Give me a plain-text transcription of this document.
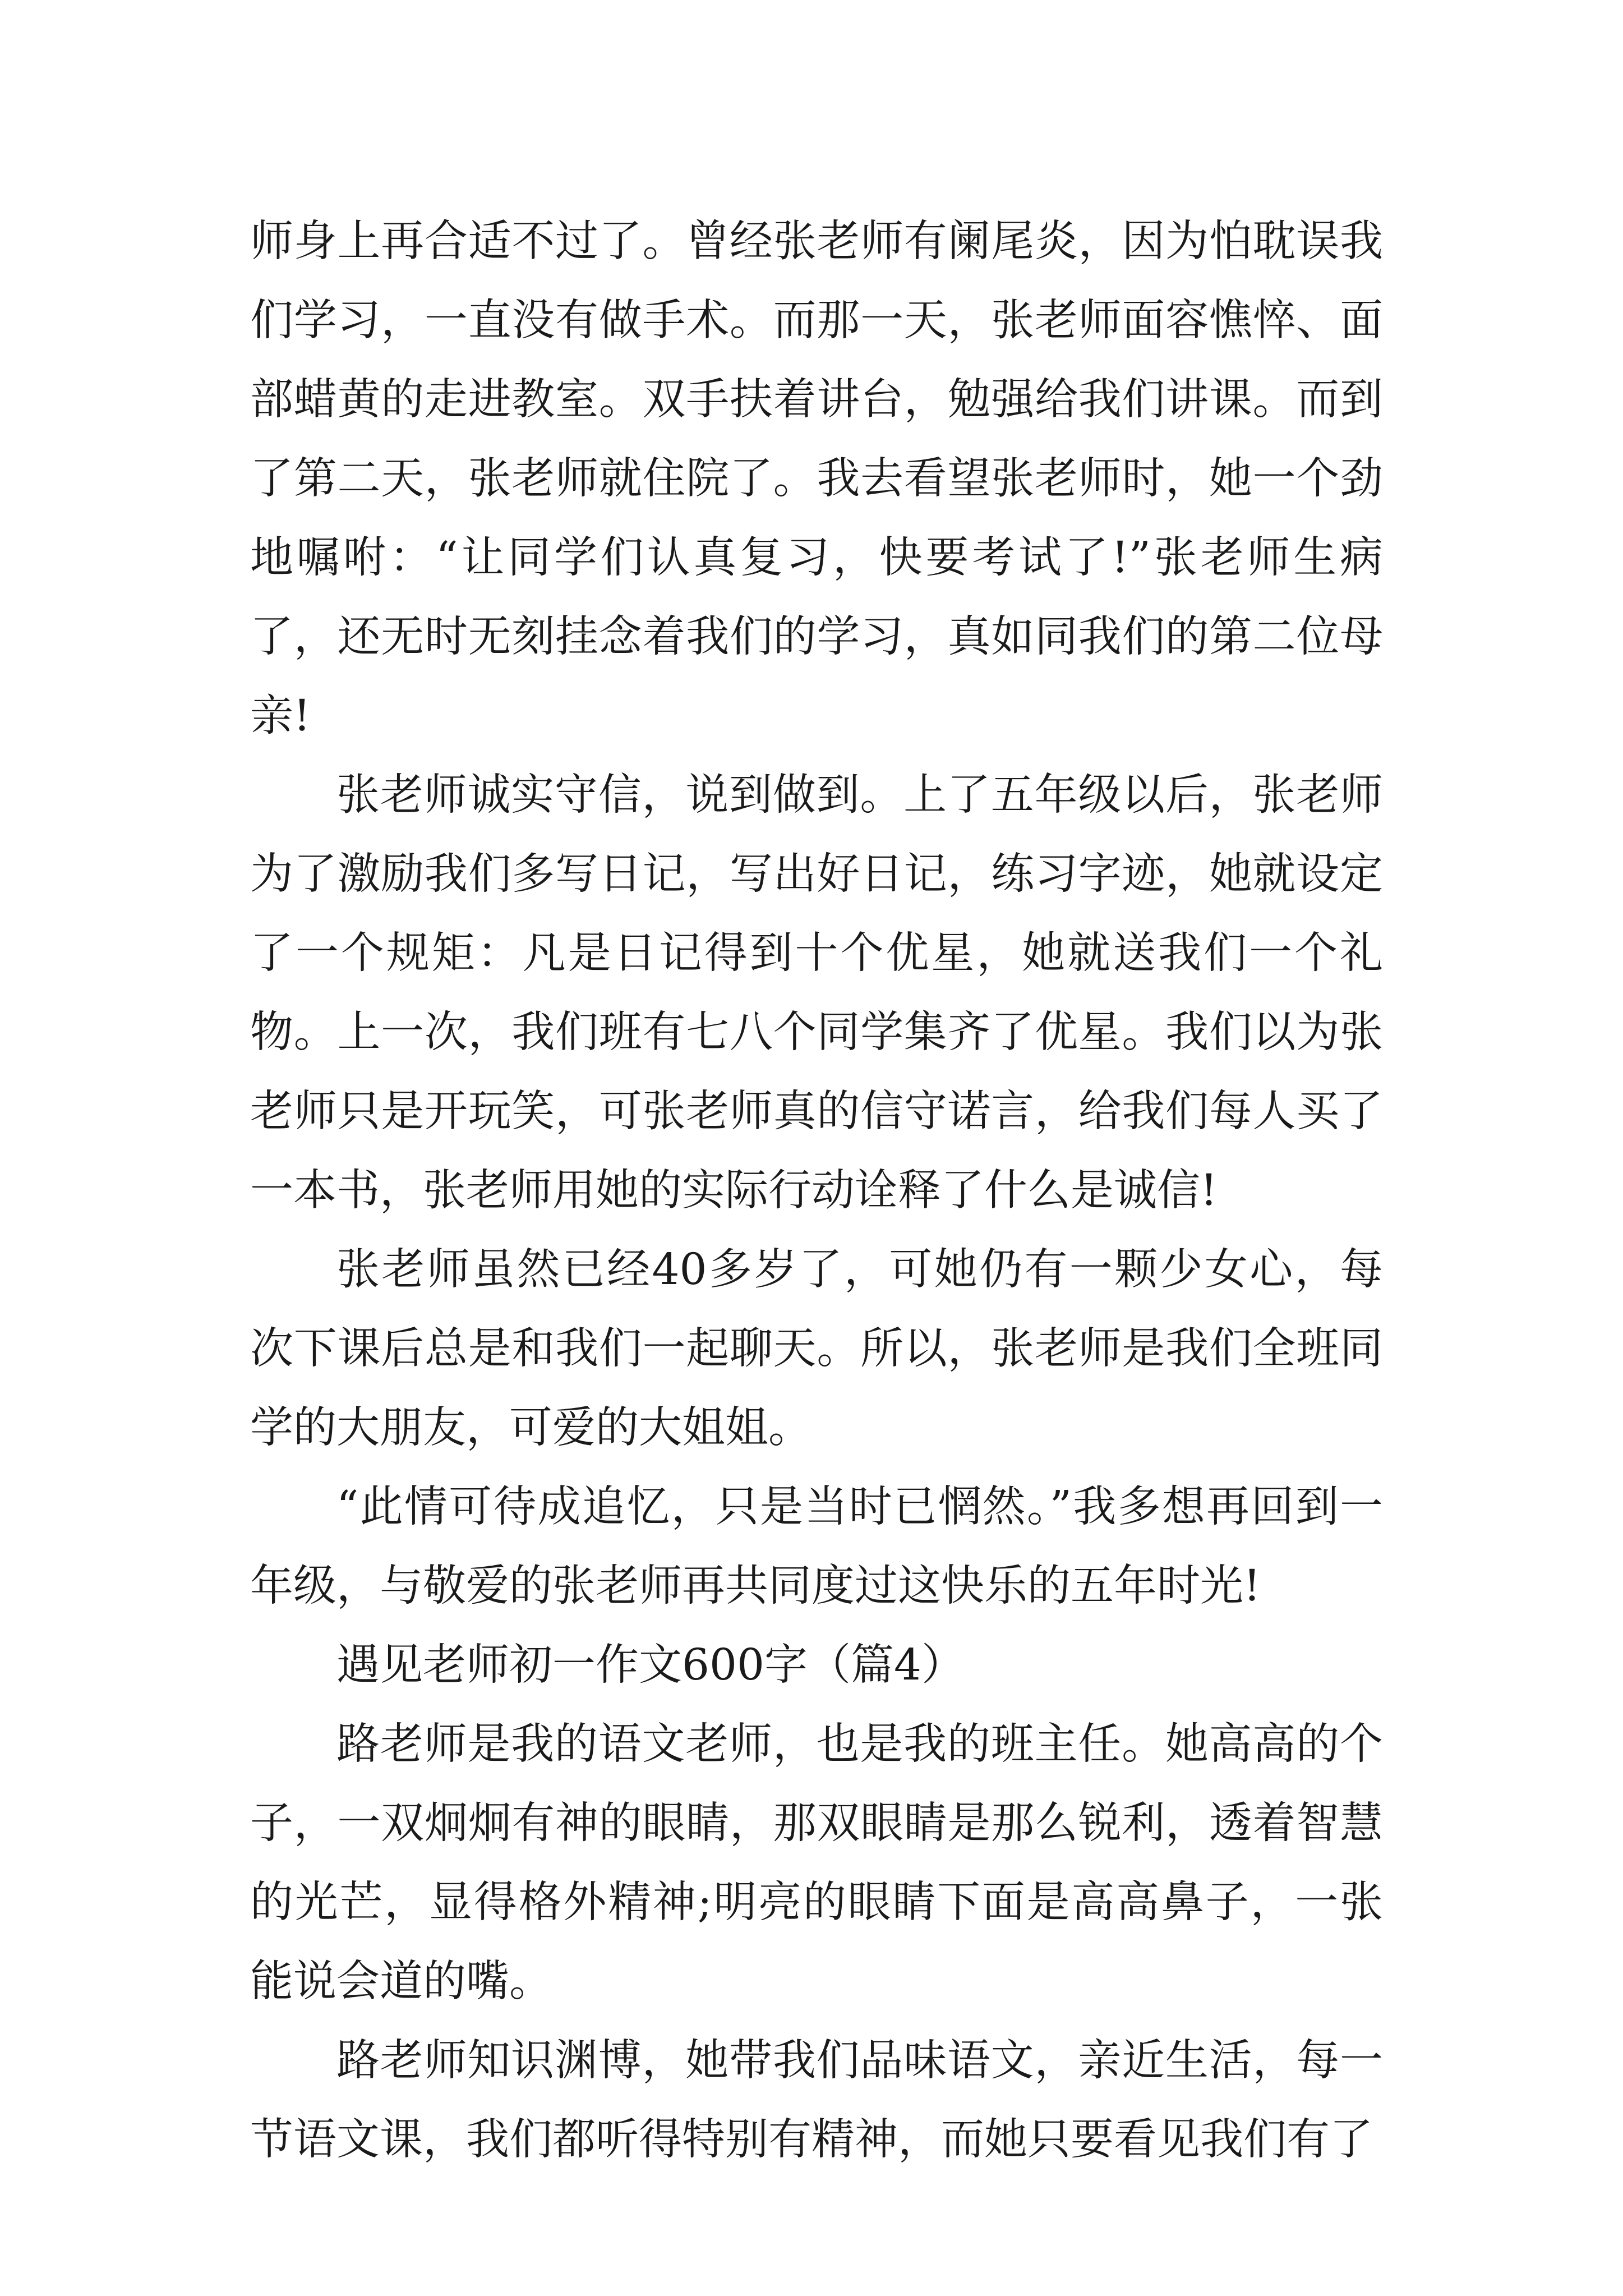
师身上再合适不过了。曾经张老师有阑尾炎，因为怕耽误我们学习，一直没有做手术。而那一天，张老师面容憔悴、面部蜡黄的走进教室。双手扶着讲台，勉强给我们讲课。而到了第二天，张老师就住院了。我去看望张老师时，她一个劲地嘱咐：“让同学们认真复习，快要考试了!”张老师生病了，还无时无刻挂念着我们的学习，真如同我们的第二位母亲!

张老师诚实守信，说到做到。上了五年级以后，张老师为了激励我们多写日记，写出好日记，练习字迹，她就设定了一个规矩：凡是日记得到十个优星，她就送我们一个礼物。上一次，我们班有七八个同学集齐了优星。我们以为张老师只是开玩笑，可张老师真的信守诺言，给我们每人买了一本书，张老师用她的实际行动诠释了什么是诚信!

张老师虽然已经40多岁了，可她仍有一颗少女心，每次下课后总是和我们一起聊天。所以，张老师是我们全班同学的大朋友，可爱的大姐姐。

“此情可待成追忆，只是当时已惘然。”我多想再回到一年级，与敬爱的张老师再共同度过这快乐的五年时光!

遇见老师初一作文600字（篇4）

路老师是我的语文老师，也是我的班主任。她高高的个子，一双炯炯有神的眼睛，那双眼睛是那么锐利，透着智慧的光芒，显得格外精神;明亮的眼睛下面是高高鼻子，一张能说会道的嘴。

路老师知识渊博，她带我们品味语文，亲近生活，每一节语文课，我们都听得特别有精神，而她只要看见我们有了
